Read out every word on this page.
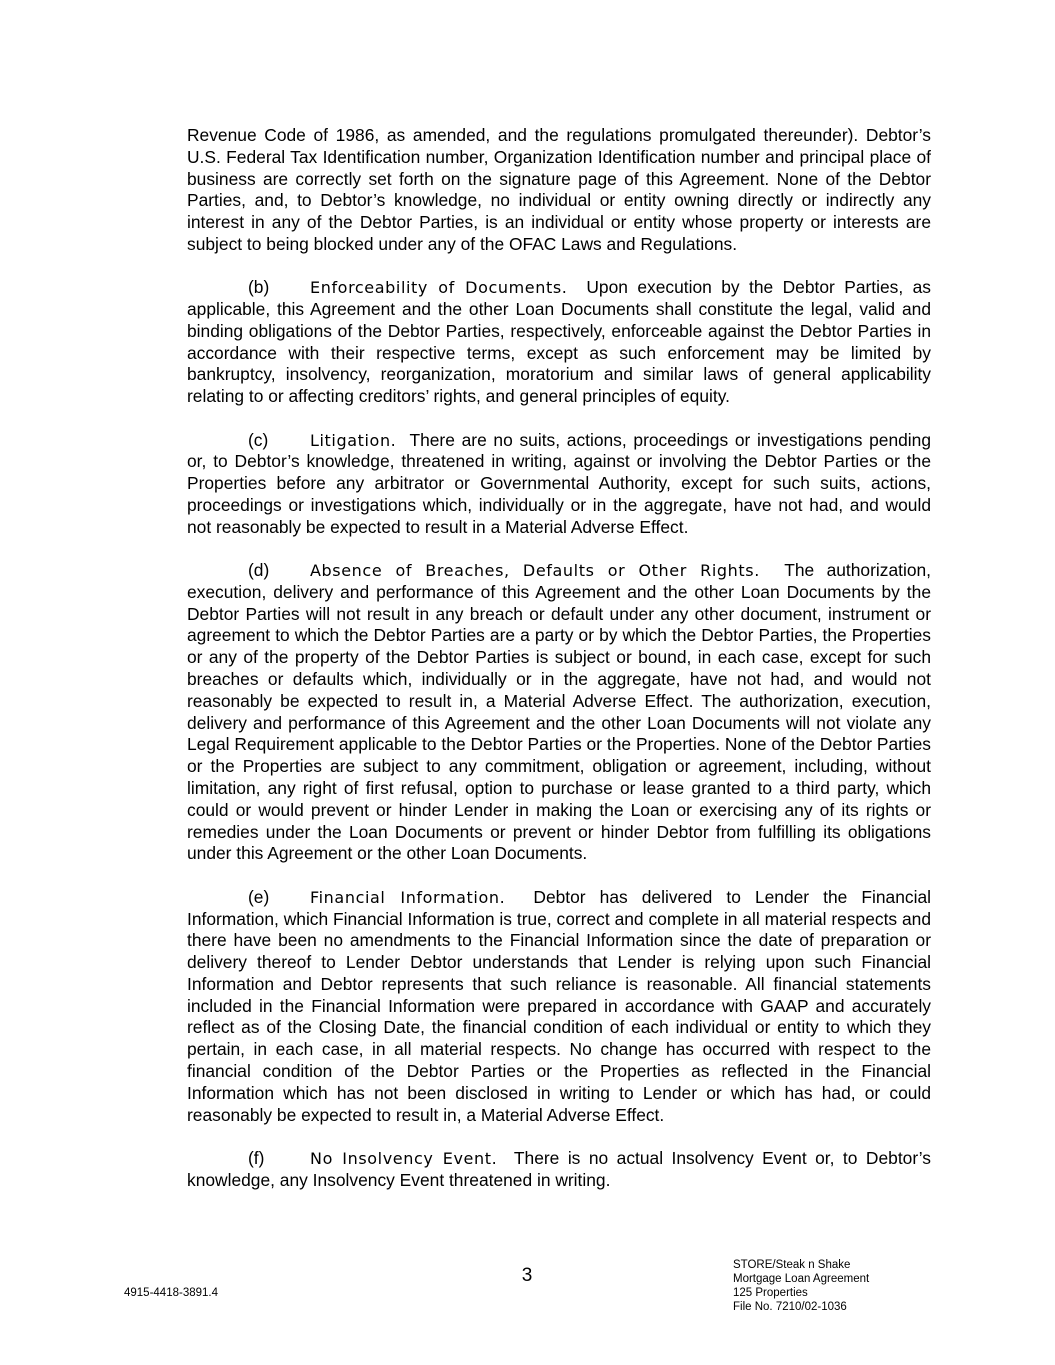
Revenue Code of 1986, as amended, and the regulations promulgated thereunder). Debtor’s U.S. Federal Tax Identification number, Organization Identification number and principal place of business are correctly set forth on the signature page of this Agreement. None of the Debtor Parties, and, to Debtor’s knowledge, no individual or entity owning directly or indirectly any interest in any of the Debtor Parties, is an individual or entity whose property or interests are subject to being blocked under any of the OFAC Laws and Regulations.

(b)	Enforceability of Documents. Upon execution by the Debtor Parties, as applicable, this Agreement and the other Loan Documents shall constitute the legal, valid and binding obligations of the Debtor Parties, respectively, enforceable against the Debtor Parties in accordance with their respective terms, except as such enforcement may be limited by bankruptcy, insolvency, reorganization, moratorium and similar laws of general applicability relating to or affecting creditors’ rights, and general principles of equity.

(c)	Litigation. There are no suits, actions, proceedings or investigations pending or, to Debtor’s knowledge, threatened in writing, against or involving the Debtor Parties or the Properties before any arbitrator or Governmental Authority, except for such suits, actions, proceedings or investigations which, individually or in the aggregate, have not had, and would not reasonably be expected to result in a Material Adverse Effect.

(d)	Absence of Breaches, Defaults or Other Rights. The authorization, execution, delivery and performance of this Agreement and the other Loan Documents by the Debtor Parties will not result in any breach or default under any other document, instrument or agreement to which the Debtor Parties are a party or by which the Debtor Parties, the Properties or any of the property of the Debtor Parties is subject or bound, in each case, except for such breaches or defaults which, individually or in the aggregate, have not had, and would not reasonably be expected to result in, a Material Adverse Effect. The authorization, execution, delivery and performance of this Agreement and the other Loan Documents will not violate any Legal Requirement applicable to the Debtor Parties or the Properties. None of the Debtor Parties or the Properties are subject to any commitment, obligation or agreement, including, without limitation, any right of first refusal, option to purchase or lease granted to a third party, which could or would prevent or hinder Lender in making the Loan or exercising any of its rights or remedies under the Loan Documents or prevent or hinder Debtor from fulfilling its obligations under this Agreement or the other Loan Documents.

(e)	Financial Information. Debtor has delivered to Lender the Financial Information, which Financial Information is true, correct and complete in all material respects and there have been no amendments to the Financial Information since the date of preparation or delivery thereof to Lender Debtor understands that Lender is relying upon such Financial Information and Debtor represents that such reliance is reasonable. All financial statements included in the Financial Information were prepared in accordance with GAAP and accurately reflect as of the Closing Date, the financial condition of each individual or entity to which they pertain, in each case, in all material respects. No change has occurred with respect to the financial condition of the Debtor Parties or the Properties as reflected in the Financial Information which has not been disclosed in writing to Lender or which has had, or could reasonably be expected to result in, a Material Adverse Effect.

(f)	No Insolvency Event. There is no actual Insolvency Event or, to Debtor’s knowledge, any Insolvency Event threatened in writing.

3
4915-4418-3891.4
STORE/Steak n Shake
Mortgage Loan Agreement
125 Properties
File No. 7210/02-1036
